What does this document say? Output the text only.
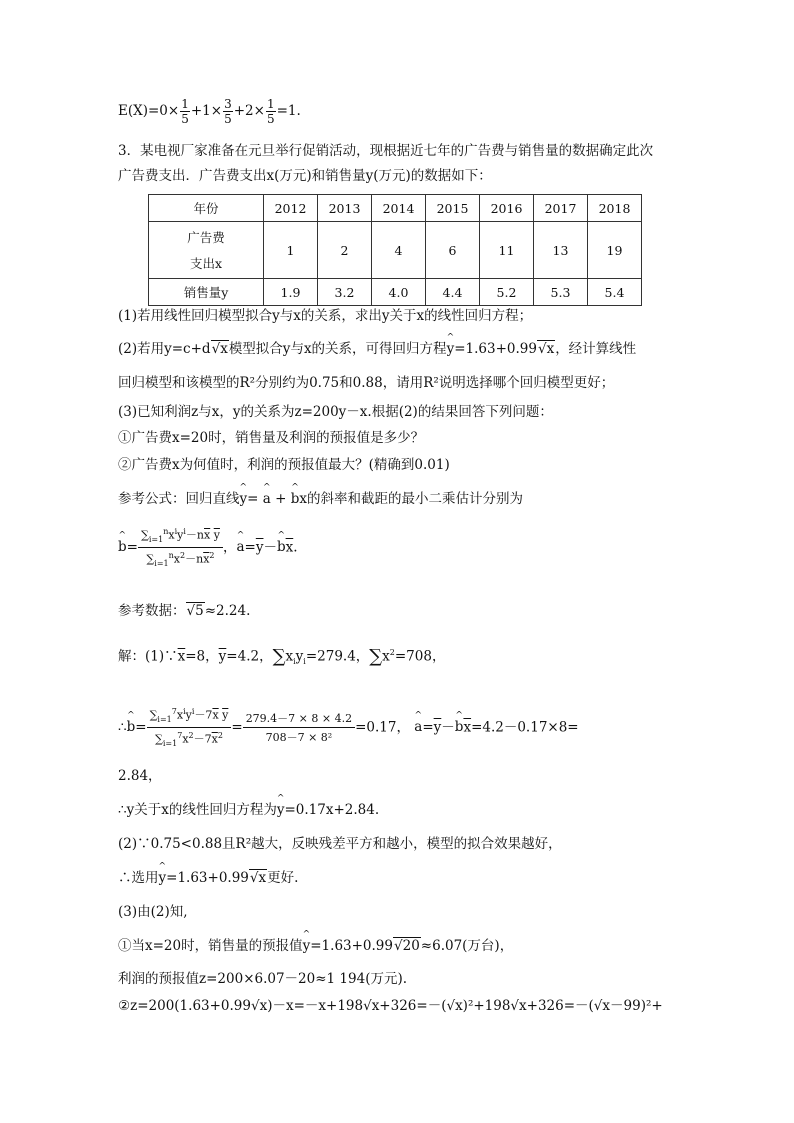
$E(X)=0\times \frac{1}{5} +1\times \frac{3}{5} +2\times \frac{1}{5} =1$.
3．某电视厂家准备在元旦举行促销活动，现根据近七年的广告费与销售量的数据确定此次
广告费支出．广告费支出x(万元)和销售量y(万元)的数据如下：
年份	2012	2013	2014	2015	2016	2017	2018

广告费
支出x	1	2	4	6	11	13	19
销售量y	1.9	3.2	4.0	4.4	5.2	5.3	5.4
(1)若用线性回归模型拟合y与x的关系，求出y关于x的线性回归方程；
(2)若用y=c+d √ x模型拟合y与x的关系，可得回归方程^ y=1.63+0.99 √ x，经计算线性
回归模型和该模型的R²分别约为0.75和0.88，请用R²说明选择哪个回归模型更好；
(3)已知利润z与x，y的关系为z=200y－x.根据(2)的结果回答下列问题：
①广告费x=20时，销售量及利润的预报值是多少？
②广告费x为何值时，利润的预报值最大？(精确到0.01)
参考公式：回归直线^ y= ^ a + ^ bx的斜率和截距的最小二乘估计分别为
^ b=
$\sum_{i=1}^nx^iy^i-n\overline{x}$ $\overline{y}$
$\sum_{i=1}^nx^2-n\overline{x}^2$ ，^ $a=\overline{y}-\^{}$ $b\overline{x}$.
参考数据： √ 5≈2.24.
解：$(1)\because\overline{x}=8$，$\overline{y}=4.2$，$\sum x_iy_i=279.4$，$\sum x^2=708$，
∴^ b=
$\sum_{i=1}^7x^iy^i-7\overline{x}$ $\overline{y}$
$\sum_{i=1}^7x^2-7\overline{x}^2 = \frac{279.4-7 \times 8 \times 4.2}{\text{708－7 × 8²}} =0.17$， ^ $a=\overline{y}-\^{}$ $b\overline{x}=4.2-0.17\times 8=$
2.84，
∴y关于x的线性回归方程为^ y=0.17x+2.84.
(2)∵0.75<0.88且R²越大，反映残差平方和越小，模型的拟合效果越好，
∴选用^ y=1.63+0.99 √ x更好.
(3)由(2)知,
①当x=20时，销售量的预报值^ y=1.63+0.99 √ 20≈6.07(万台)，
利润的预报值z=200×6.07－20≈1 194(万元).
②z=200(1.63+0.99√x)－x=－x+198√x+326=－(√x)²+198√x+326=－(√x－99)²+
